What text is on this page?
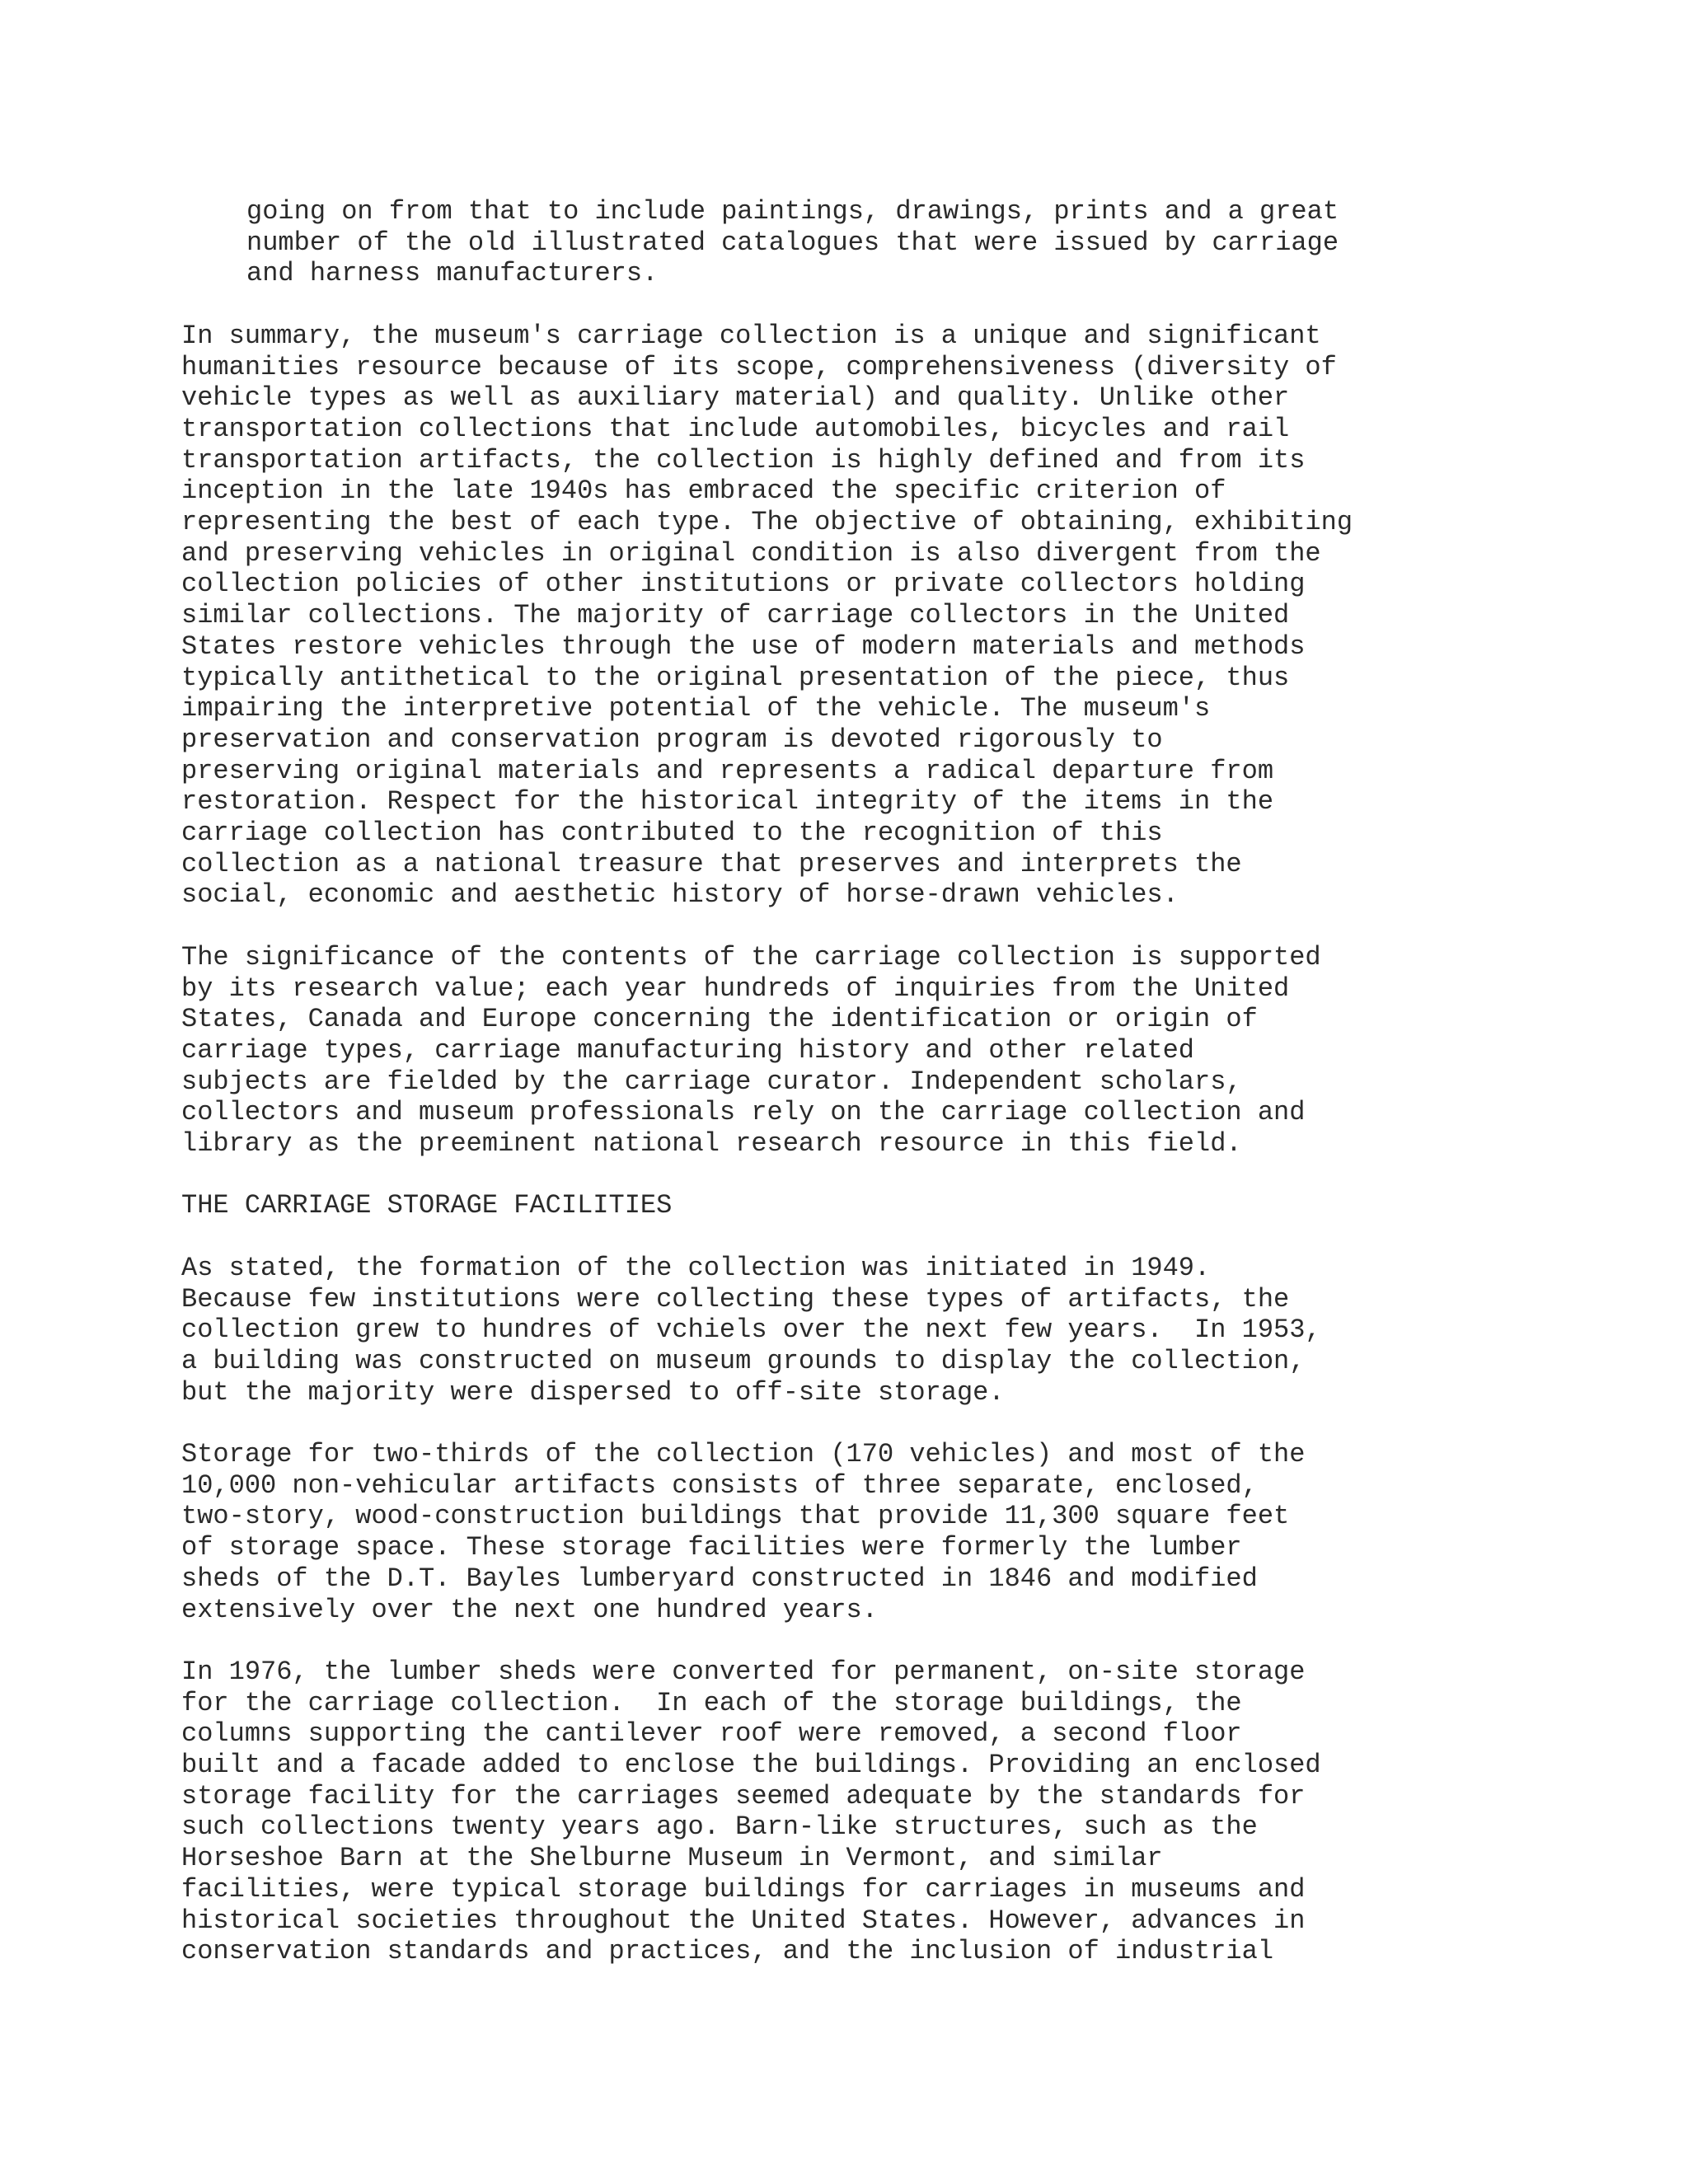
going on from that to include paintings, drawings, prints and a great
number of the old illustrated catalogues that were issued by carriage
and harness manufacturers.
In summary, the museum's carriage collection is a unique and significant
humanities resource because of its scope, comprehensiveness (diversity of
vehicle types as well as auxiliary material) and quality. Unlike other
transportation collections that include automobiles, bicycles and rail
transportation artifacts, the collection is highly defined and from its
inception in the late 1940s has embraced the specific criterion of
representing the best of each type. The objective of obtaining, exhibiting
and preserving vehicles in original condition is also divergent from the
collection policies of other institutions or private collectors holding
similar collections. The majority of carriage collectors in the United
States restore vehicles through the use of modern materials and methods
typically antithetical to the original presentation of the piece, thus
impairing the interpretive potential of the vehicle. The museum's
preservation and conservation program is devoted rigorously to
preserving original materials and represents a radical departure from
restoration. Respect for the historical integrity of the items in the
carriage collection has contributed to the recognition of this
collection as a national treasure that preserves and interprets the
social, economic and aesthetic history of horse-drawn vehicles.
The significance of the contents of the carriage collection is supported
by its research value; each year hundreds of inquiries from the United
States, Canada and Europe concerning the identification or origin of
carriage types, carriage manufacturing history and other related
subjects are fielded by the carriage curator. Independent scholars,
collectors and museum professionals rely on the carriage collection and
library as the preeminent national research resource in this field.
THE CARRIAGE STORAGE FACILITIES
As stated, the formation of the collection was initiated in 1949.
Because few institutions were collecting these types of artifacts, the
collection grew to hundres of vchiels over the next few years.  In 1953,
a building was constructed on museum grounds to display the collection,
but the majority were dispersed to off-site storage.
Storage for two-thirds of the collection (170 vehicles) and most of the
10,000 non-vehicular artifacts consists of three separate, enclosed,
two-story, wood-construction buildings that provide 11,300 square feet
of storage space. These storage facilities were formerly the lumber
sheds of the D.T. Bayles lumberyard constructed in 1846 and modified
extensively over the next one hundred years.
In 1976, the lumber sheds were converted for permanent, on-site storage
for the carriage collection.  In each of the storage buildings, the
columns supporting the cantilever roof were removed, a second floor
built and a facade added to enclose the buildings. Providing an enclosed
storage facility for the carriages seemed adequate by the standards for
such collections twenty years ago. Barn-like structures, such as the
Horseshoe Barn at the Shelburne Museum in Vermont, and similar
facilities, were typical storage buildings for carriages in museums and
historical societies throughout the United States. However, advances in
conservation standards and practices, and the inclusion of industrial
